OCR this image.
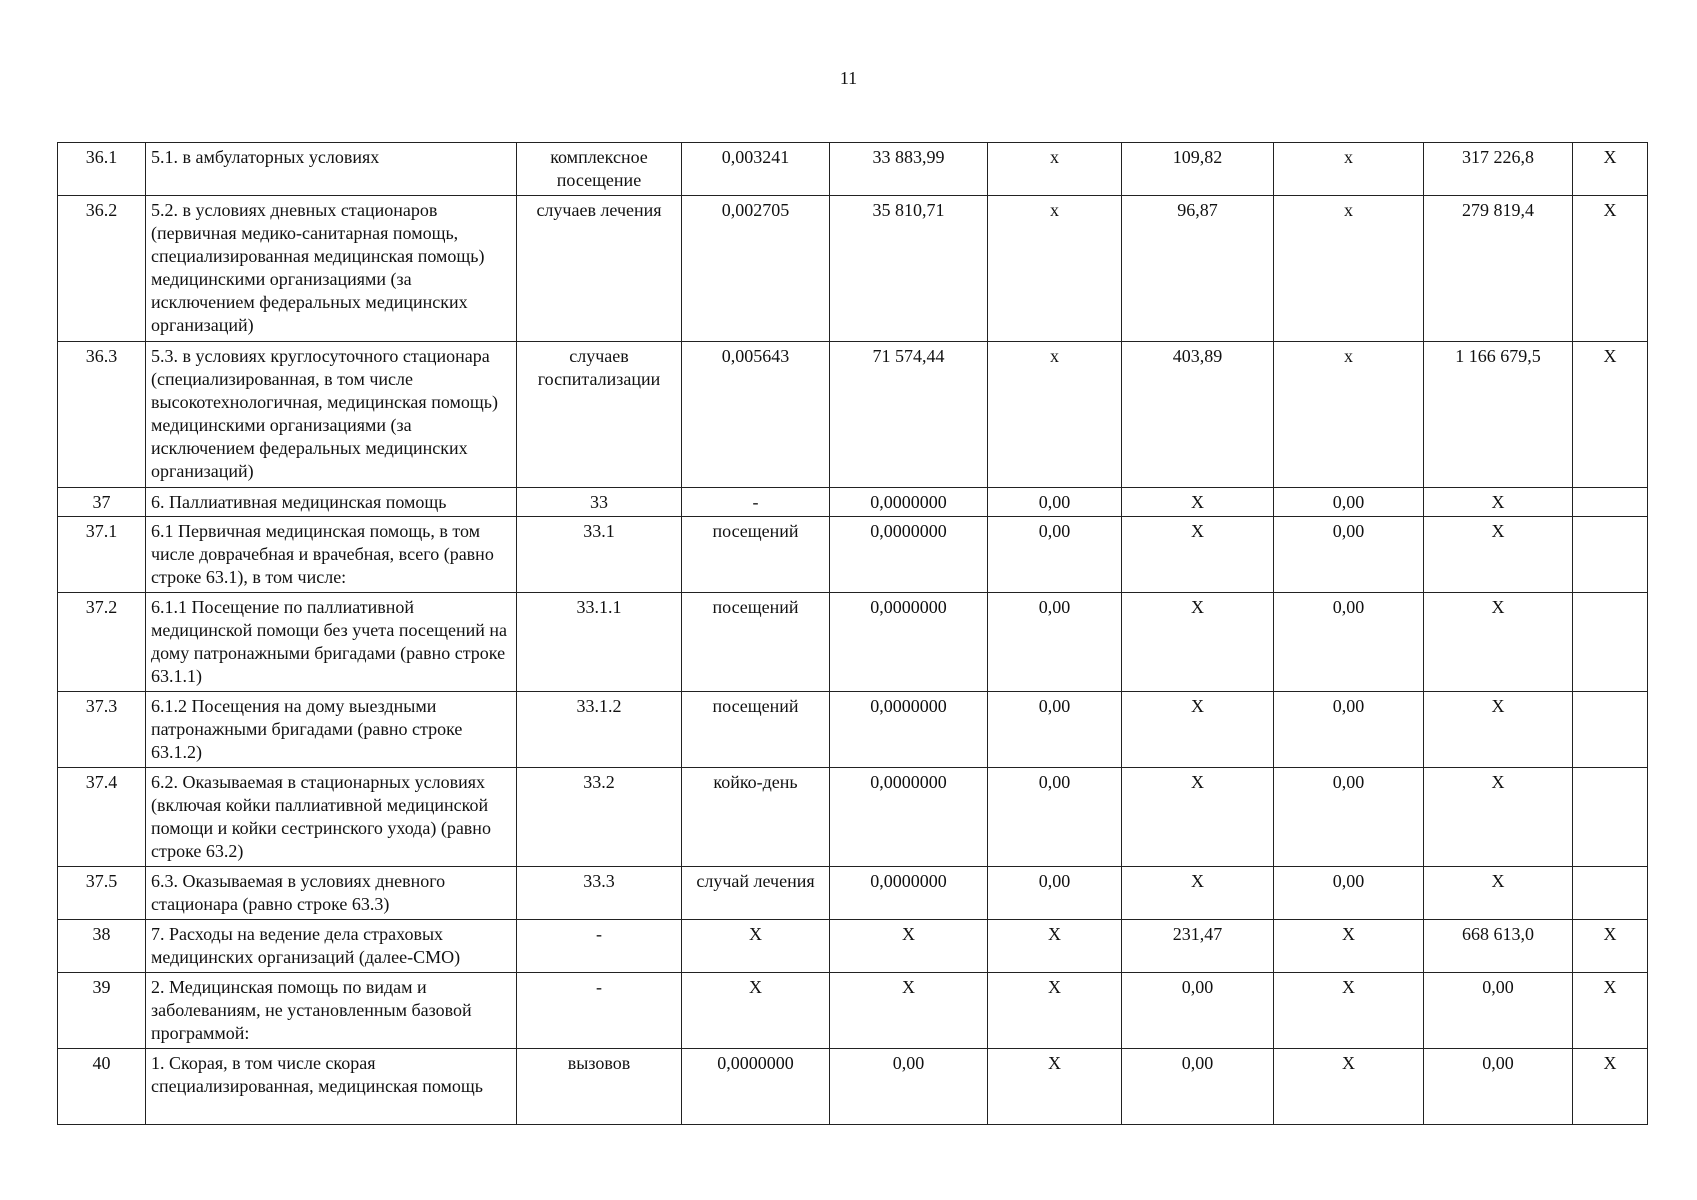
11
36.1	5.1. в амбулаторных условиях	комплексное посещение	0,003241	33 883,99	х	109,82	х	317 226,8	X
36.2	5.2. в условиях дневных стационаров (первичная медико-санитарная помощь, специализированная медицинская помощь) медицинскими организациями (за исключением федеральных медицинских организаций)	случаев лечения	0,002705	35 810,71	х	96,87	х	279 819,4	X
36.3	5.3. в условиях круглосуточного стационара (специализированная, в том числе высокотехнологичная, медицинская помощь) медицинскими организациями (за исключением федеральных медицинских организаций)	случаев госпитализации	0,005643	71 574,44	х	403,89	х	1 166 679,5	X
37	6. Паллиативная медицинская помощь	33	-	0,0000000	0,00	X	0,00	X	
37.1	6.1 Первичная медицинская помощь, в том числе доврачебная и врачебная, всего (равно строке 63.1), в том числе:	33.1	посещений	0,0000000	0,00	X	0,00	X	
37.2	6.1.1 Посещение по паллиативной медицинской помощи без учета посещений на дому патронажными бригадами (равно строке 63.1.1)	33.1.1	посещений	0,0000000	0,00	X	0,00	X	
37.3	6.1.2 Посещения на дому выездными патронажными бригадами (равно строке 63.1.2)	33.1.2	посещений	0,0000000	0,00	X	0,00	X	
37.4	6.2. Оказываемая в стационарных условиях (включая койки паллиативной медицинской помощи и койки сестринского ухода) (равно строке 63.2)	33.2	койко-день	0,0000000	0,00	X	0,00	X	
37.5	6.3. Оказываемая в условиях дневного стационара (равно строке 63.3)	33.3	случай лечения	0,0000000	0,00	X	0,00	X	
38	7. Расходы на ведение дела страховых медицинских организаций (далее-СМО)	-	X	X	X	231,47	X	668 613,0	X
39	2. Медицинская помощь по видам и заболеваниям, не установленным базовой программой:	-	X	X	X	0,00	X	0,00	X
40	1. Скорая, в том числе скорая специализированная, медицинская помощь	вызовов	0,0000000	0,00	X	0,00	X	0,00	X
